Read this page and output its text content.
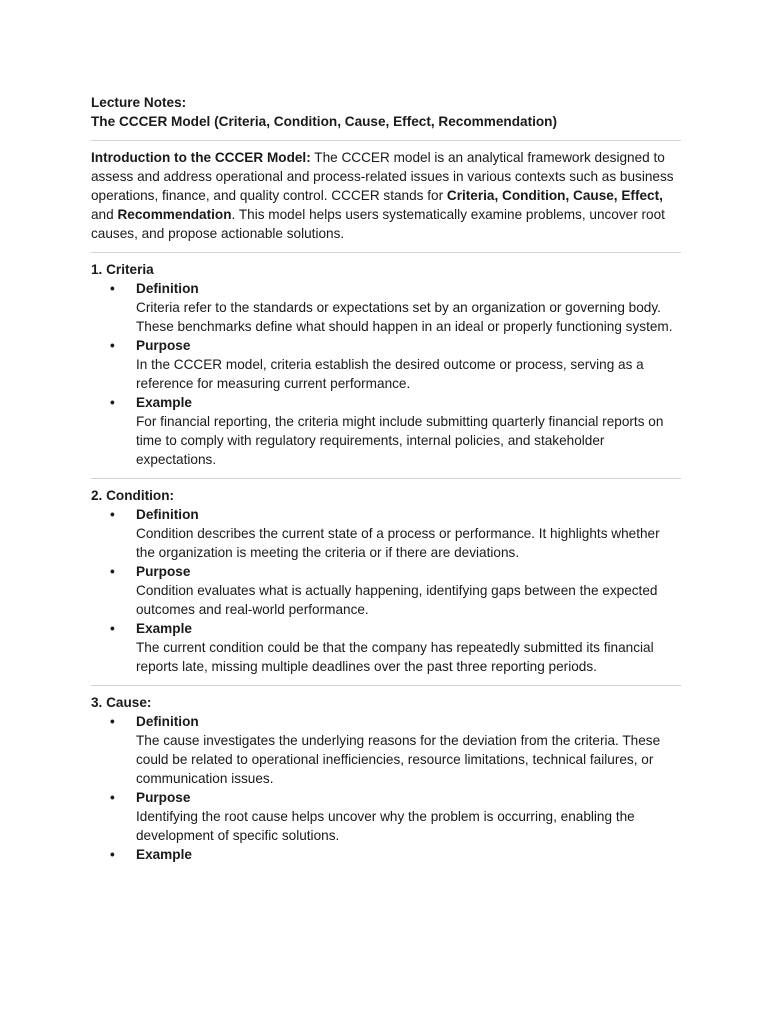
Lecture Notes:
The CCCER Model (Criteria, Condition, Cause, Effect, Recommendation)

Introduction to the CCCER Model: The CCCER model is an analytical framework designed to assess and address operational and process-related issues in various contexts such as business operations, finance, and quality control. CCCER stands for Criteria, Condition, Cause, Effect, and Recommendation. This model helps users systematically examine problems, uncover root causes, and propose actionable solutions.

1. Criteria
• Definition
Criteria refer to the standards or expectations set by an organization or governing body. These benchmarks define what should happen in an ideal or properly functioning system.
• Purpose
In the CCCER model, criteria establish the desired outcome or process, serving as a reference for measuring current performance.
• Example
For financial reporting, the criteria might include submitting quarterly financial reports on time to comply with regulatory requirements, internal policies, and stakeholder expectations.
2. Condition:
• Definition
Condition describes the current state of a process or performance. It highlights whether the organization is meeting the criteria or if there are deviations.
• Purpose
Condition evaluates what is actually happening, identifying gaps between the expected outcomes and real-world performance.
• Example
The current condition could be that the company has repeatedly submitted its financial reports late, missing multiple deadlines over the past three reporting periods.
3. Cause:
• Definition
The cause investigates the underlying reasons for the deviation from the criteria. These could be related to operational inefficiencies, resource limitations, technical failures, or communication issues.
• Purpose
Identifying the root cause helps uncover why the problem is occurring, enabling the development of specific solutions.
• Example
